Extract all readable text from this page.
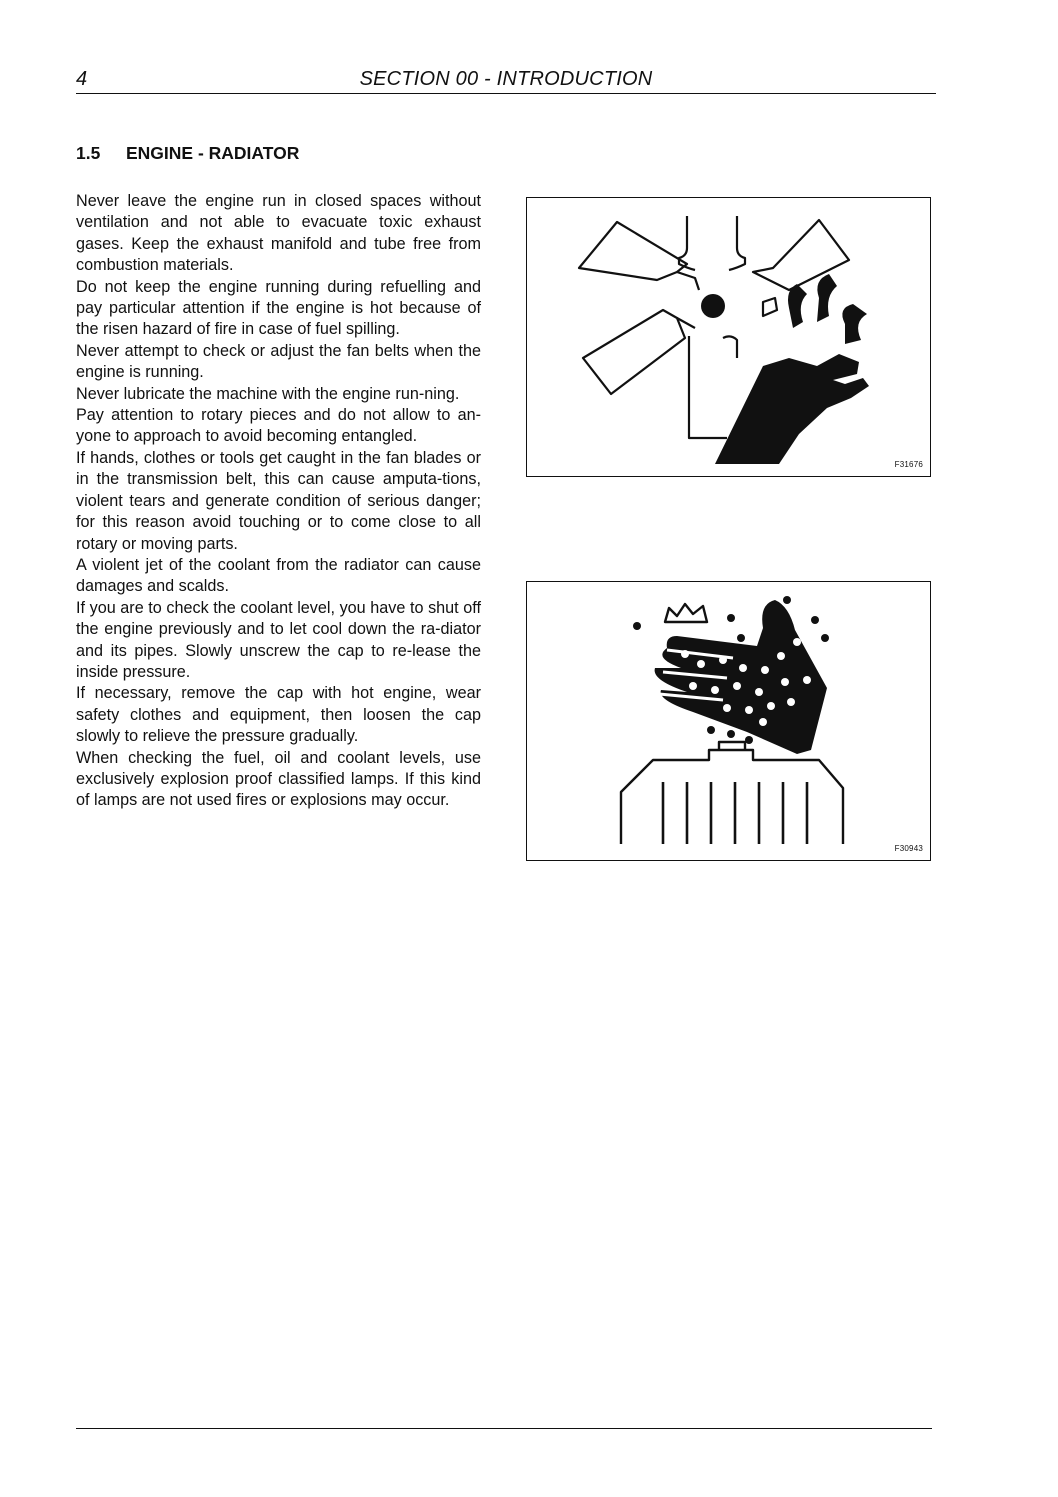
4	SECTION 00 - INTRODUCTION
1.5 ENGINE - RADIATOR

Never leave the engine run in closed spaces without ventilation and not able to evacuate toxic exhaust gases. Keep the exhaust manifold and tube free from combustion materials.

Do not keep the engine running during refuelling and pay particular attention if the engine is hot because of the risen hazard of fire in case of fuel spilling.

Never attempt to check or adjust the fan belts when the engine is running.

Never lubricate the machine with the engine run-ning.

Pay attention to rotary pieces and do not allow to an-yone to approach to avoid becoming entangled.

If hands, clothes or tools get caught in the fan blades or in the transmission belt, this can cause amputa-tions, violent tears and generate condition of serious danger; for this reason avoid touching or to come close to all rotary or moving parts.

A violent jet of the coolant from the radiator can cause damages and scalds.

If you are to check the coolant level, you have to shut off the engine previously and to let cool down the ra-diator and its pipes. Slowly unscrew the cap to re-lease the inside pressure.

If necessary, remove the cap with hot engine, wear safety clothes and equipment, then loosen the cap slowly to relieve the pressure gradually.

When checking the fuel, oil and coolant levels, use exclusively explosion proof classified lamps. If this kind of lamps are not used fires or explosions may occur.

F31676
F30943
